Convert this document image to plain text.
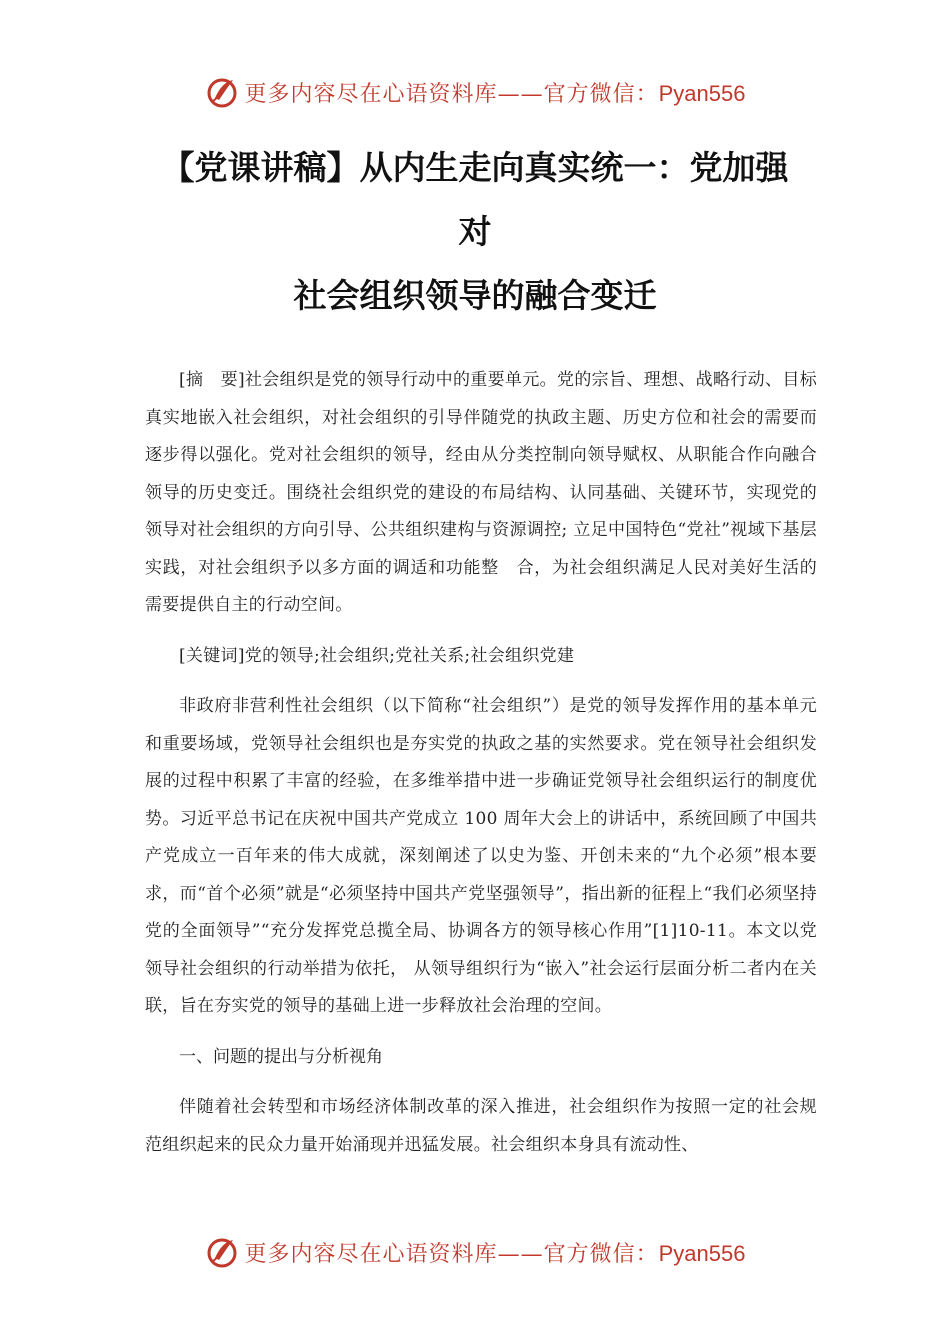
更多内容尽在心语资料库——官方微信：Pyan556
【党课讲稿】从内生走向真实统一：党加强
对
社会组织领导的融合变迁

[摘　要]社会组织是党的领导行动中的重要单元。党的宗旨、理想、战略行动、目标真实地嵌入社会组织，对社会组织的引导伴随党的执政主题、历史方位和社会的需要而逐步得以强化。党对社会组织的领导，经由从分类控制向领导赋权、从职能合作向融合领导的历史变迁。围绕社会组织党的建设的布局结构、认同基础、关键环节，实现党的领导对社会组织的方向引导、公共组织建构与资源调控; 立足中国特色“党社”视域下基层实践，对社会组织予以多方面的调适和功能整　合，为社会组织满足人民对美好生活的需要提供自主的行动空间。

[关键词]党的领导;社会组织;党社关系;社会组织党建

非政府非营利性社会组织（以下简称“社会组织”）是党的领导发挥作用的基本单元和重要场域，党领导社会组织也是夯实党的执政之基的实然要求。党在领导社会组织发展的过程中积累了丰富的经验，在多维举措中进一步确证党领导社会组织运行的制度优势。习近平总书记在庆祝中国共产党成立 100 周年大会上的讲话中，系统回顾了中国共产党成立一百年来的伟大成就，深刻阐述了以史为鉴、开创未来的“九个必须”根本要求，而“首个必须”就是“必须坚持中国共产党坚强领导”，指出新的征程上“我们必须坚持党的全面领导”“充分发挥党总揽全局、协调各方的领导核心作用”[1]10-11。本文以党领导社会组织的行动举措为依托， 从领导组织行为“嵌入”社会运行层面分析二者内在关联，旨在夯实党的领导的基础上进一步释放社会治理的空间。

一、问题的提出与分析视角

伴随着社会转型和市场经济体制改革的深入推进，社会组织作为按照一定的社会规范组织起来的民众力量开始涌现并迅猛发展。社会组织本身具有流动性、

更多内容尽在心语资料库——官方微信：Pyan556
